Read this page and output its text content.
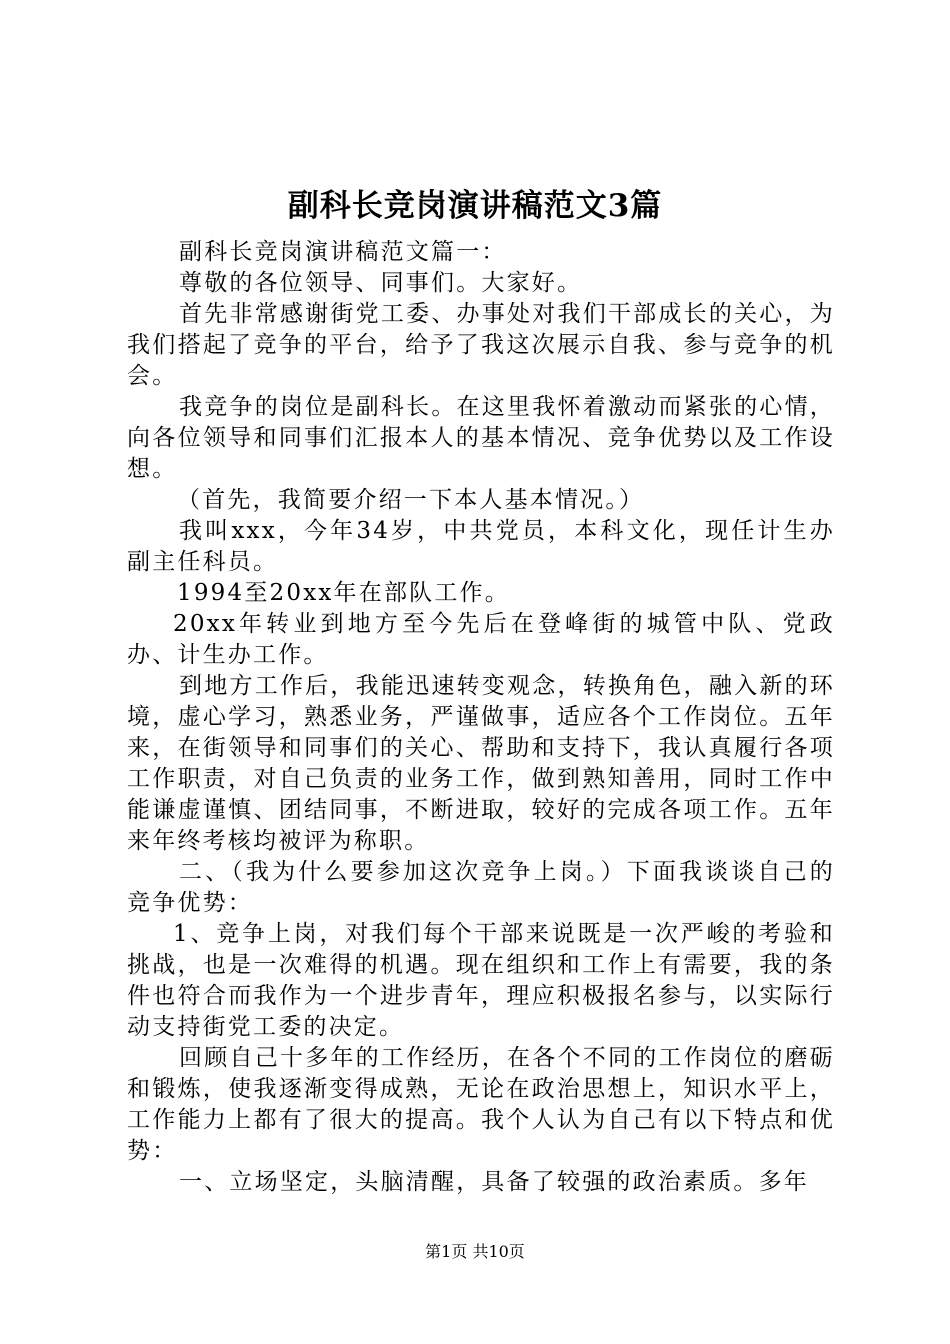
副科长竞岗演讲稿范文3篇

副科长竞岗演讲稿范文篇一：

尊敬的各位领导、同事们。大家好。

首先非常感谢街党工委、办事处对我们干部成长的关心，为我们搭起了竞争的平台，给予了我这次展示自我、参与竞争的机会。

我竞争的岗位是副科长。在这里我怀着激动而紧张的心情，向各位领导和同事们汇报本人的基本情况、竞争优势以及工作设想。

（首先，我简要介绍一下本人基本情况。）

我叫xxx，今年34岁，中共党员，本科文化，现任计生办副主任科员。

1994至20xx年在部队工作。

20xx年转业到地方至今先后在登峰街的城管中队、党政办、计生办工作。

到地方工作后，我能迅速转变观念，转换角色，融入新的环境，虚心学习，熟悉业务，严谨做事，适应各个工作岗位。五年来，在街领导和同事们的关心、帮助和支持下，我认真履行各项工作职责，对自己负责的业务工作，做到熟知善用，同时工作中能谦虚谨慎、团结同事，不断进取，较好的完成各项工作。五年来年终考核均被评为称职。

二、（我为什么要参加这次竞争上岗。）下面我谈谈自己的竞争优势：

1、竞争上岗，对我们每个干部来说既是一次严峻的考验和挑战，也是一次难得的机遇。现在组织和工作上有需要，我的条件也符合而我作为一个进步青年，理应积极报名参与，以实际行动支持街党工委的决定。

回顾自己十多年的工作经历，在各个不同的工作岗位的磨砺和锻炼，使我逐渐变得成熟，无论在政治思想上，知识水平上，工作能力上都有了很大的提高。我个人认为自己有以下特点和优势：

一、立场坚定，头脑清醒，具备了较强的政治素质。多年

第1页 共10页
